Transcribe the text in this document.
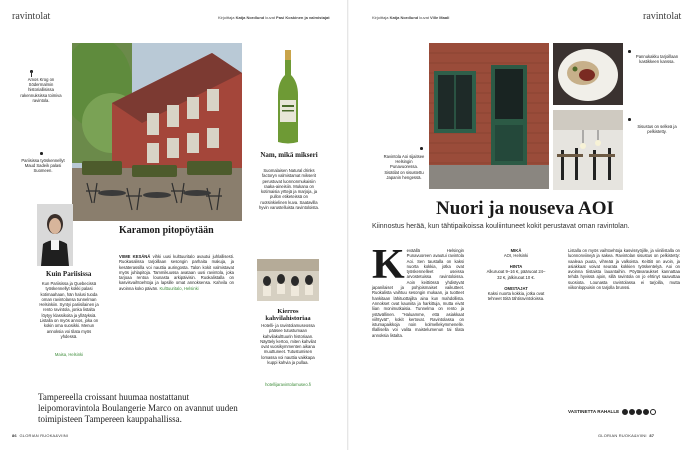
ravintolat	Kirjoittaja Katja Nordlund kuvat Pasi Koskinen ja valmistajat
Amos Krog on Södermalmin historiallisissa rakennuksissa toimiva ravintola.
Pariisissa työskennellyt Maud Sadeik palasi Suomeen.
Kuin Pariisissa
Kun Pariisissa ja Quebecissä työskennellyt kokki palasi kotimaahaan, hän halusi tuoda oman ravintolansa tunnelman Helsinkiin. Syntyi pariisilainen ja rento ravintola, jonka listalta löytyy klassikoita ja yllätyksiä. Listalla on myös annos, joka on kokin oma suosikki. Menun annoksia voi tilata myös yhdessä.
Maisa, Helsinki
Nam, mikä mikseri
Suomalaisen Natural drinks factoryn valmistamat mikserit perustuvat luonnonmukaisiin raaka-aineisiin. Mukana on kotimaisia yrttejä ja marjoja, ja pullon etiketeissä on ruotsinkielinen kuva. Saatavilla hyvin varustelluista ravintoloista.
Karamon pitopöytään
VIIME KESÄNÄ vihki uusi kulttuuritalo avautui juhlallisesti. Ruokasalissa tarjoillaan sesongin parhaita makuja, ja kesäterassilla voi nauttia auringosta. Talon kokit valmistavat myös juhlapitoja. Tammikuussa avataan uusi ravintola, joka tarjoaa rentoa lounasta arkipäivisin. Ruokalistalla on kasvisvaihtoehtoja ja lapsille omat annoksensa. Kahvila on avoinna koko päivän. Kulttuuritalo, Helsinki
Kierros kahvilahistoriaa
Hotelli- ja ravintolamuseossa pääsee tutustumaan kahvilakulttuurin historiaan. Näyttely kertoo, miten kahvilat ovat vuosikymmenten aikana muuttuneet. Tutustumisen lomassa voi nauttia vaikkapa kuppi kahvia ja pullaa.
hotellijaravintolamuseo.fi
Tampereella croissant huumaa nostattanut leipomoravintola Boulangerie Marco on avannut uuden toimipisteen Tampereen kauppahallissa.
86 GLORIAN RUOKA&VIINI
Kirjoittaja Katja Nordlund kuvat Ville Maali	ravintolat
Ravintola Aoi sijaitsee Helsingin Punavuoressa. Sisätilat on sisustettu Japanin hengessä.
Pannukakku tarjoillaan kastikkeen kanssa.
Sisustus on selkeä ja pelkistetty.
Nuori ja nouseva AOI
Kiinnostus herää, kun tähtipaikoissa kouliintuneet kokit perustavat oman ravintolan.
K eväällä Helsingin Punavuoreen avautui ravintola Aoi. Sen taustalla on kaksi nuorta kokkia, jotka ovat työskennelleet useissa arvostetuissa ravintoloissa. Aoin keittiössä yhdistyvät japanilaiset ja pohjoismaiset vaikutteet. Ruokalista vaihtuu sesongin mukaan, ja tuotteet hankitaan lähituottajilta aina kun mahdollista. Annokset ovat kauniita ja harkittuja, mutta eivät liian monimutkaisia. Tunnelma on rento ja ystävällinen. "Haluamme, että asiakkaat viihtyvät", kokit kertovat. Ravintolassa on istumapaikkoja noin kolmellekymmenelle. Illallisella voi valita maistelumenun tai tilata annoksia listalta.
MIKÄ
AOI, Helsinki
HINTA
Alkuruoat 9–16 €, pääruoat 24–32 €, jälkiruoat 10 €.
OMISTAJAT
Kaksi nuorta kokkia, jotka ovat tehneet töitä tähtiravintoloissa.
Listalla on myös vaihtoehtoja kasvissyöjille, ja viinilistalla on luonnonviinejä ja sakea. Ravintolan sisustus on pelkistetty: vaaleaa puuta, vihreää ja valkoista. Keittiö on avoin, ja asiakkaat voivat seurata kokkien työskentelyä. Aoi on avoinna tiistaista lauantaihin. Pöytävaraukset kannattaa tehdä hyvissä ajoin, sillä ravintola on jo ehtinyt saavuttaa suosiota. Lounasta ravintolassa ei tarjoilla, mutta viikonloppuisin on tarjolla brunssi.
VASTINETTA RAHALLE
GLORIAN RUOKA&VIINI 87
